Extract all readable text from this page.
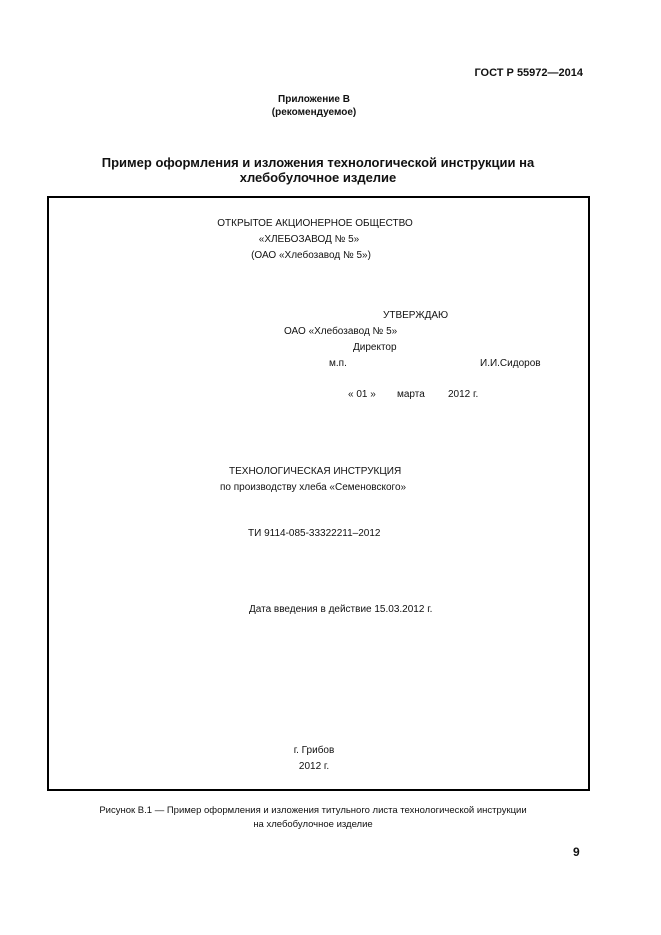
ГОСТ Р 55972—2014
Приложение В
(рекомендуемое)
Пример оформления и изложения технологической инструкции на
хлебобулочное изделие
ОТКРЫТОЕ АКЦИОНЕРНОЕ ОБЩЕСТВО
«ХЛЕБОЗАВОД № 5»
(ОАО «Хлебозавод № 5»)
УТВЕРЖДАЮ
ОАО «Хлебозавод № 5»
Директор
м.п.	И.И.Сидоров
« 01 » марта 2012 г.
ТЕХНОЛОГИЧЕСКАЯ ИНСТРУКЦИЯ
по производству хлеба «Семеновского»
ТИ 9114-085-33322211–2012
Дата введения в действие 15.03.2012 г.
г. Грибов
2012 г.
Рисунок В.1 — Пример оформления и изложения титульного листа технологической инструкции
на хлебобулочное изделие
9
